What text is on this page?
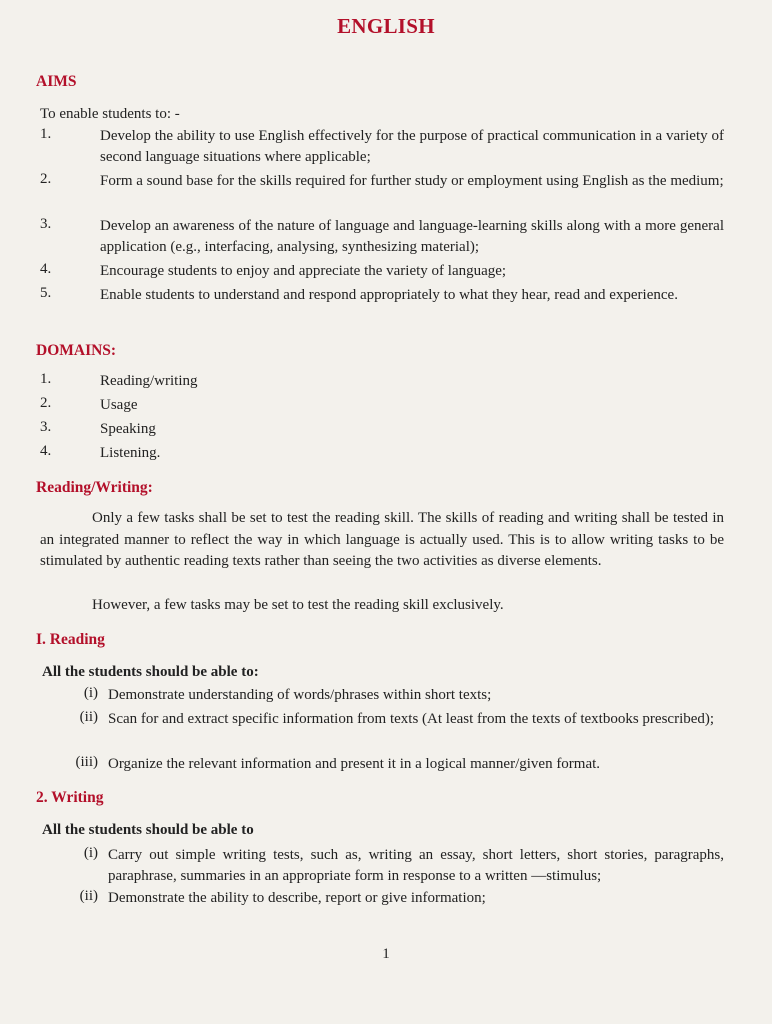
ENGLISH
AIMS
To enable students to: -
1.	Develop the ability to use English effectively for the purpose of practical communication in a variety of second language situations where applicable;
2.	Form a sound base for the skills required for further study or employment using English as the medium;
3.	Develop an awareness of the nature of language and language-learning skills along with a more general application (e.g., interfacing, analysing, synthesizing material);
4.	Encourage students to enjoy and appreciate the variety of language;
5.	Enable students to understand and respond appropriately to what they hear, read and experience.
DOMAINS:
1.	Reading/writing
2.	Usage
3.	Speaking
4.	Listening.
Reading/Writing:
Only a few tasks shall be set to test the reading skill. The skills of reading and writing shall be tested in an integrated manner to reflect the way in which language is actually used. This is to allow writing tasks to be stimulated by authentic reading texts rather than seeing the two activities as diverse elements.
However, a few tasks may be set to test the reading skill exclusively.
I. Reading
All the students should be able to:
(i) Demonstrate understanding of words/phrases within short texts;
(ii) Scan for and extract specific information from texts (At least from the texts of textbooks prescribed);
(iii) Organize the relevant information and present it in a logical manner/given format.
2. Writing
All the students should be able to
(i) Carry out simple writing tests, such as, writing an essay, short letters, short stories, paragraphs, paraphrase, summaries in an appropriate form in response to a written —stimulus;
(ii) Demonstrate the ability to describe, report or give information;
1
